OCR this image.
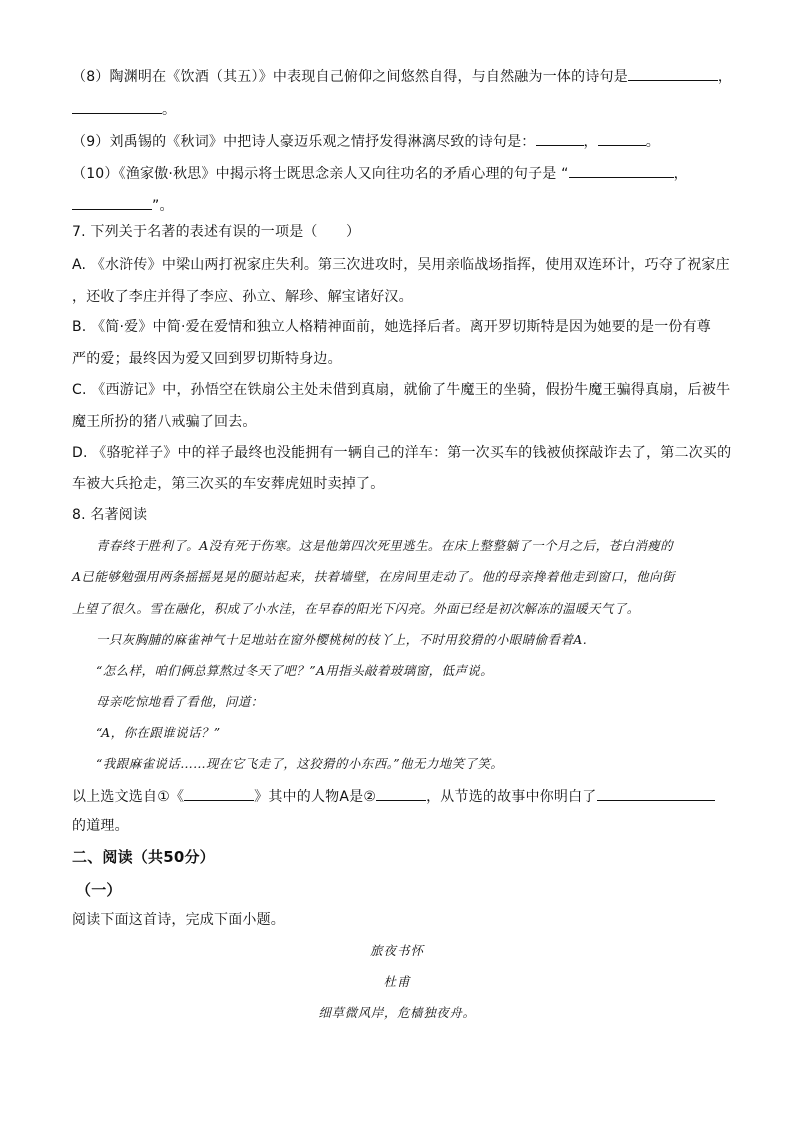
（8）陶渊明在《饮酒（其五）》中表现自己俯仰之间悠然自得，与自然融为一体的诗句是	，
。
（9）刘禹锡的《秋词》中把诗人豪迈乐观之情抒发得淋漓尽致的诗句是：	，	。
（10）《渔家傲·秋思》中揭示将士既思念亲人又向往功名的矛盾心理的句子是 “	，
”。
7. 下列关于名著的表述有误的一项是（　　）
A. 《水浒传》中梁山两打祝家庄失利。第三次进攻时，吴用亲临战场指挥，使用双连环计，巧夺了祝家庄
，还收了李庄并得了李应、孙立、解珍、解宝诸好汉。
B. 《简·爱》中简·爱在爱情和独立人格精神面前，她选择后者。离开罗切斯特是因为她要的是一份有尊
严的爱；最终因为爱又回到罗切斯特身边。
C. 《西游记》中，孙悟空在铁扇公主处未借到真扇，就偷了牛魔王的坐骑，假扮牛魔王骗得真扇，后被牛
魔王所扮的猪八戒骗了回去。
D. 《骆驼祥子》中的祥子最终也没能拥有一辆自己的洋车：第一次买车的钱被侦探敲诈去了，第二次买的
车被大兵抢走，第三次买的车安葬虎妞时卖掉了。
8. 名著阅读
青春终于胜利了。A没有死于伤寒。这是他第四次死里逃生。在床上整整躺了一个月之后，苍白消瘦的
A已能够勉强用两条摇摇晃晃的腿站起来，扶着墙壁，在房间里走动了。他的母亲搀着他走到窗口，他向街
上望了很久。雪在融化，积成了小水洼，在早春的阳光下闪亮。外面已经是初次解冻的温暖天气了。
一只灰胸脯的麻雀神气十足地站在窗外樱桃树的枝丫上，不时用狡猾的小眼睛偷看着A.
“怎么样，咱们俩总算熬过冬天了吧？”A用指头敲着玻璃窗，低声说。
母亲吃惊地看了看他，问道：
“A，你在跟谁说话？”
“我跟麻雀说话……现在它飞走了，这狡猾的小东西。”他无力地笑了笑。
以上选文选自①《	》其中的人物A是②	，从节选的故事中你明白了
的道理。
二、阅读（共50分）
（一）
阅读下面这首诗，完成下面小题。
旅夜书怀
杜甫
细草微风岸，危樯独夜舟。
